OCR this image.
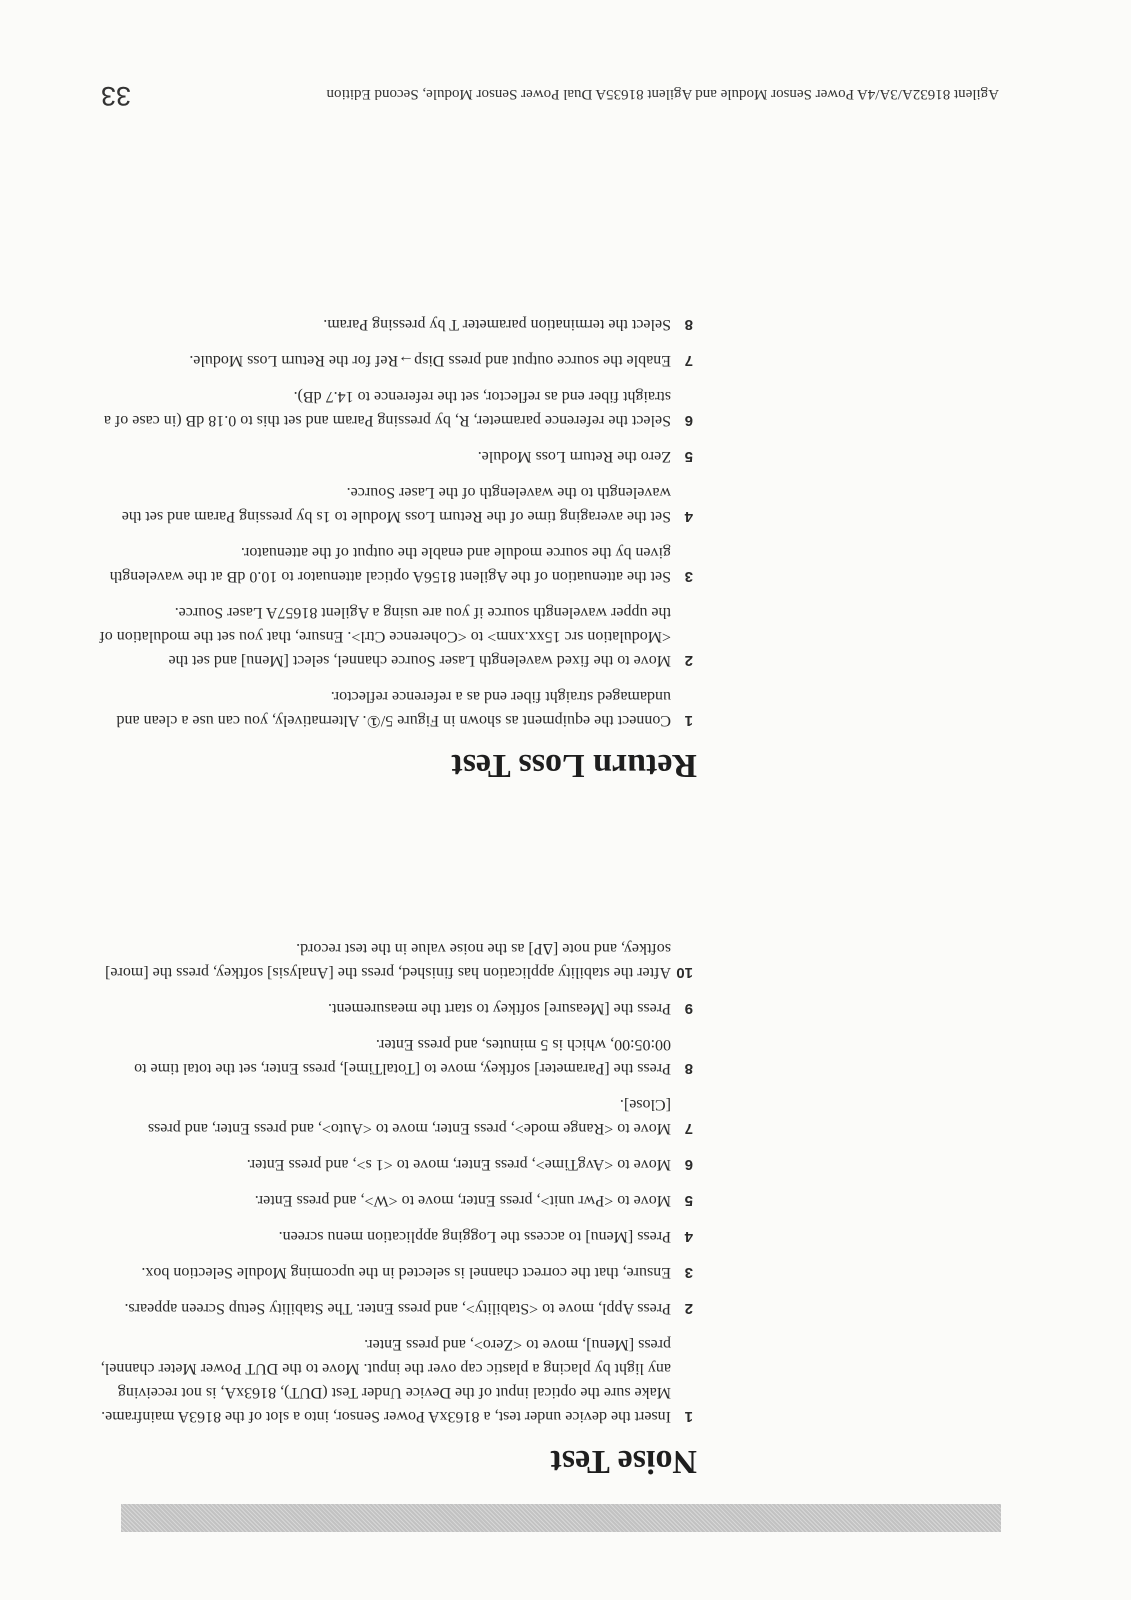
Noise Test
1
Insert the device under test, a 8163xA Power Sensor, into a slot of the 8163A mainframe. Make sure the optical input of the Device Under Test (DUT), 8163xA, is not receiving any light by placing a plastic cap over the input. Move to the DUT Power Meter channel, press [Menu], move to <Zero>, and press Enter.
2
Press Appl, move to <Stability>, and press Enter. The Stability Setup Screen appears.
3
Ensure, that the correct channel is selected in the upcoming Module Selection box.
4
Press [Menu] to access the Logging application menu screen.
5
Move to <Pwr unit>, press Enter, move to <W>, and press Enter.
6
Move to <AvgTime>, press Enter, move to <1 s>, and press Enter.
7
Move to <Range mode>, press Enter, move to <Auto>, and press Enter, and press [Close].
8
Press the [Parameter] softkey, move to [TotalTime], press Enter, set the total time to 00:05:00, which is 5 minutes, and press Enter.
9
Press the [Measure] softkey to start the measurement.
10
After the stability application has finished, press the [Analysis] softkey, press the [more] softkey, and note [ΔP] as the noise value in the test record.
Return Loss Test
1
Connect the equipment as shown in Figure 5/①. Alternatively, you can use a clean and undamaged straight fiber end as a reference reflector.
2
Move to the fixed wavelength Laser Source channel, select [Menu] and set the <Modulation src 15xx.xnm> to <Coherence Ctrl>. Ensure, that you set the modulation of the upper wavelength source if you are using a Agilent 81657A Laser Source.
3
Set the attenuation of the Agilent 8156A optical attenuator to 10.0 dB at the wavelength given by the source module and enable the output of the attenuator.
4
Set the averaging time of the Return Loss Module to 1s by pressing Param and set the wavelength to the wavelength of the Laser Source.
5
Zero the Return Loss Module.
6
Select the reference parameter, R, by pressing Param and set this to 0.18 dB (in case of a straight fiber end as reflector, set the reference to 14.7 dB).
7
Enable the source output and press Disp→Ref for the Return Loss Module.
8
Select the termination parameter T by pressing Param.
33	Agilent 81632A/3A/4A Power Sensor Module and Agilent 81635A Dual Power Sensor Module, Second Edition
